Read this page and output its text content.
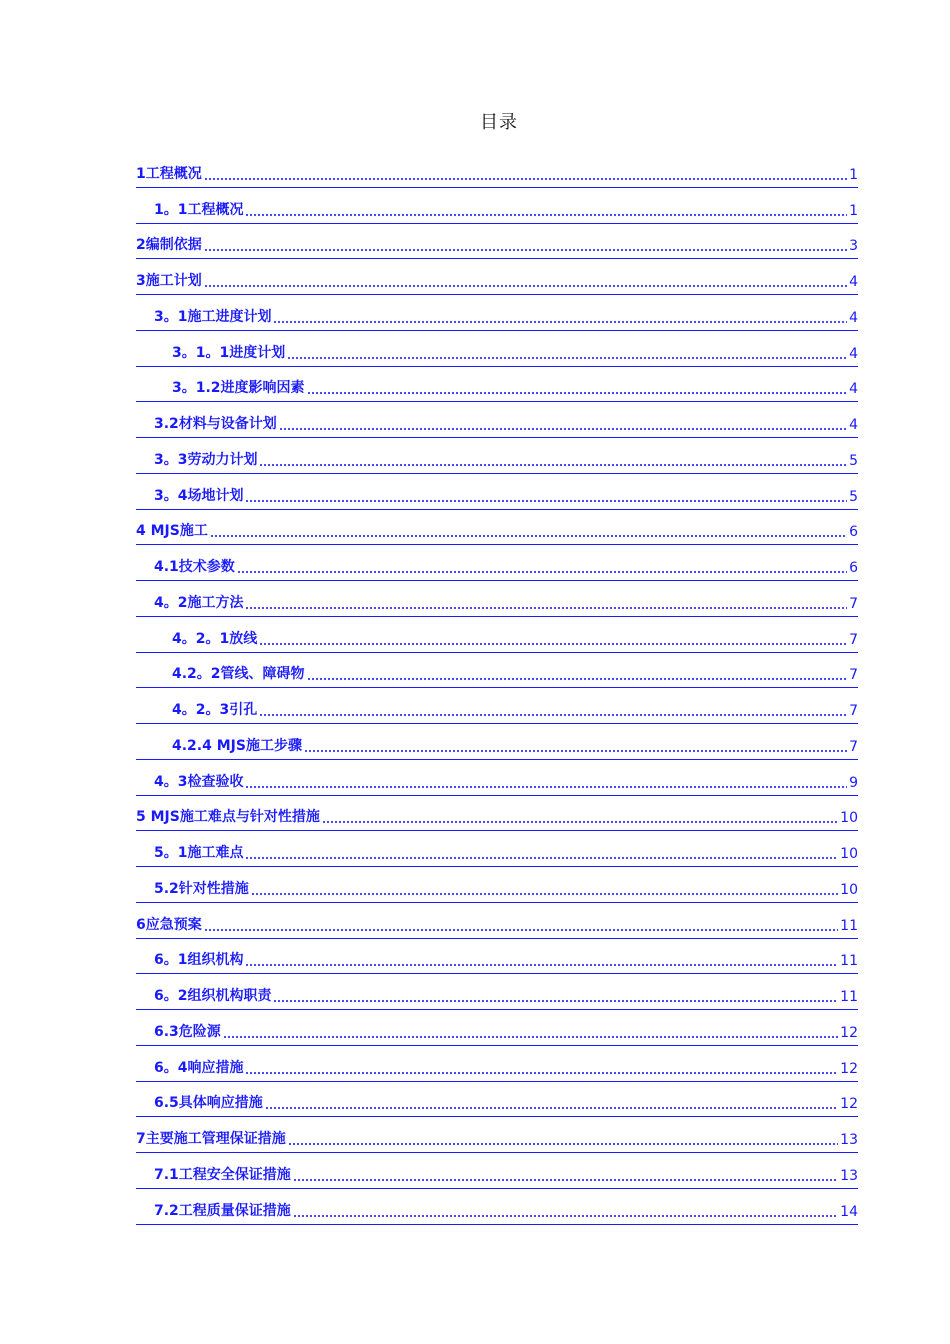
目录
1工程概况	1
1。1工程概况	1
2编制依据	3
3施工计划	4
3。1施工进度计划	4
3。1。1进度计划	4
3。1.2进度影响因素	4
3.2材料与设备计划	4
3。3劳动力计划	5
3。4场地计划	5
4 MJS施工	6
4.1技术参数	6
4。2施工方法	7
4。2。1放线	7
4.2。2管线、障碍物	7
4。2。3引孔	7
4.2.4 MJS施工步骤	7
4。3检查验收	9
5 MJS施工难点与针对性措施	10
5。1施工难点	10
5.2针对性措施	10
6应急预案	11
6。1组织机构	11
6。2组织机构职责	11
6.3危险源	12
6。4响应措施	12
6.5具体响应措施	12
7主要施工管理保证措施	13
7.1工程安全保证措施	13
7.2工程质量保证措施	14
